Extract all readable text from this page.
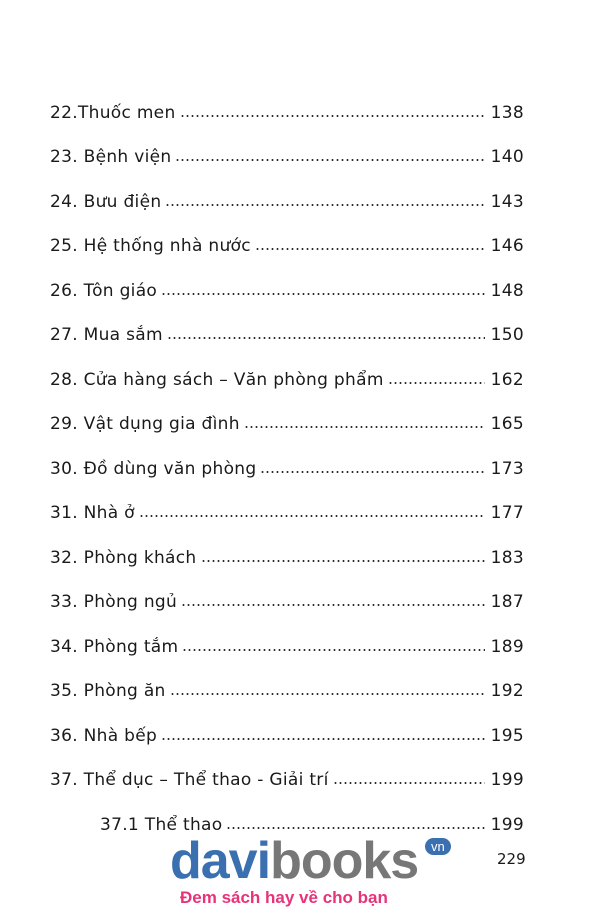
22.Thuốc men	138
23. Bệnh viện	140
24. Bưu điện	143
25. Hệ thống nhà nước	146
26. Tôn giáo	148
27. Mua sắm	150
28. Cửa hàng sách – Văn phòng phẩm	162
29. Vật dụng gia đình	165
30. Đồ dùng văn phòng	173
31. Nhà ở	177
32. Phòng khách	183
33. Phòng ngủ	187
34. Phòng tắm	189
35. Phòng ăn	192
36. Nhà bếp	195
37. Thể dục – Thể thao - Giải trí	199
37.1 Thể thao	199
davibooks vn
Đem sách hay về cho bạn
229
